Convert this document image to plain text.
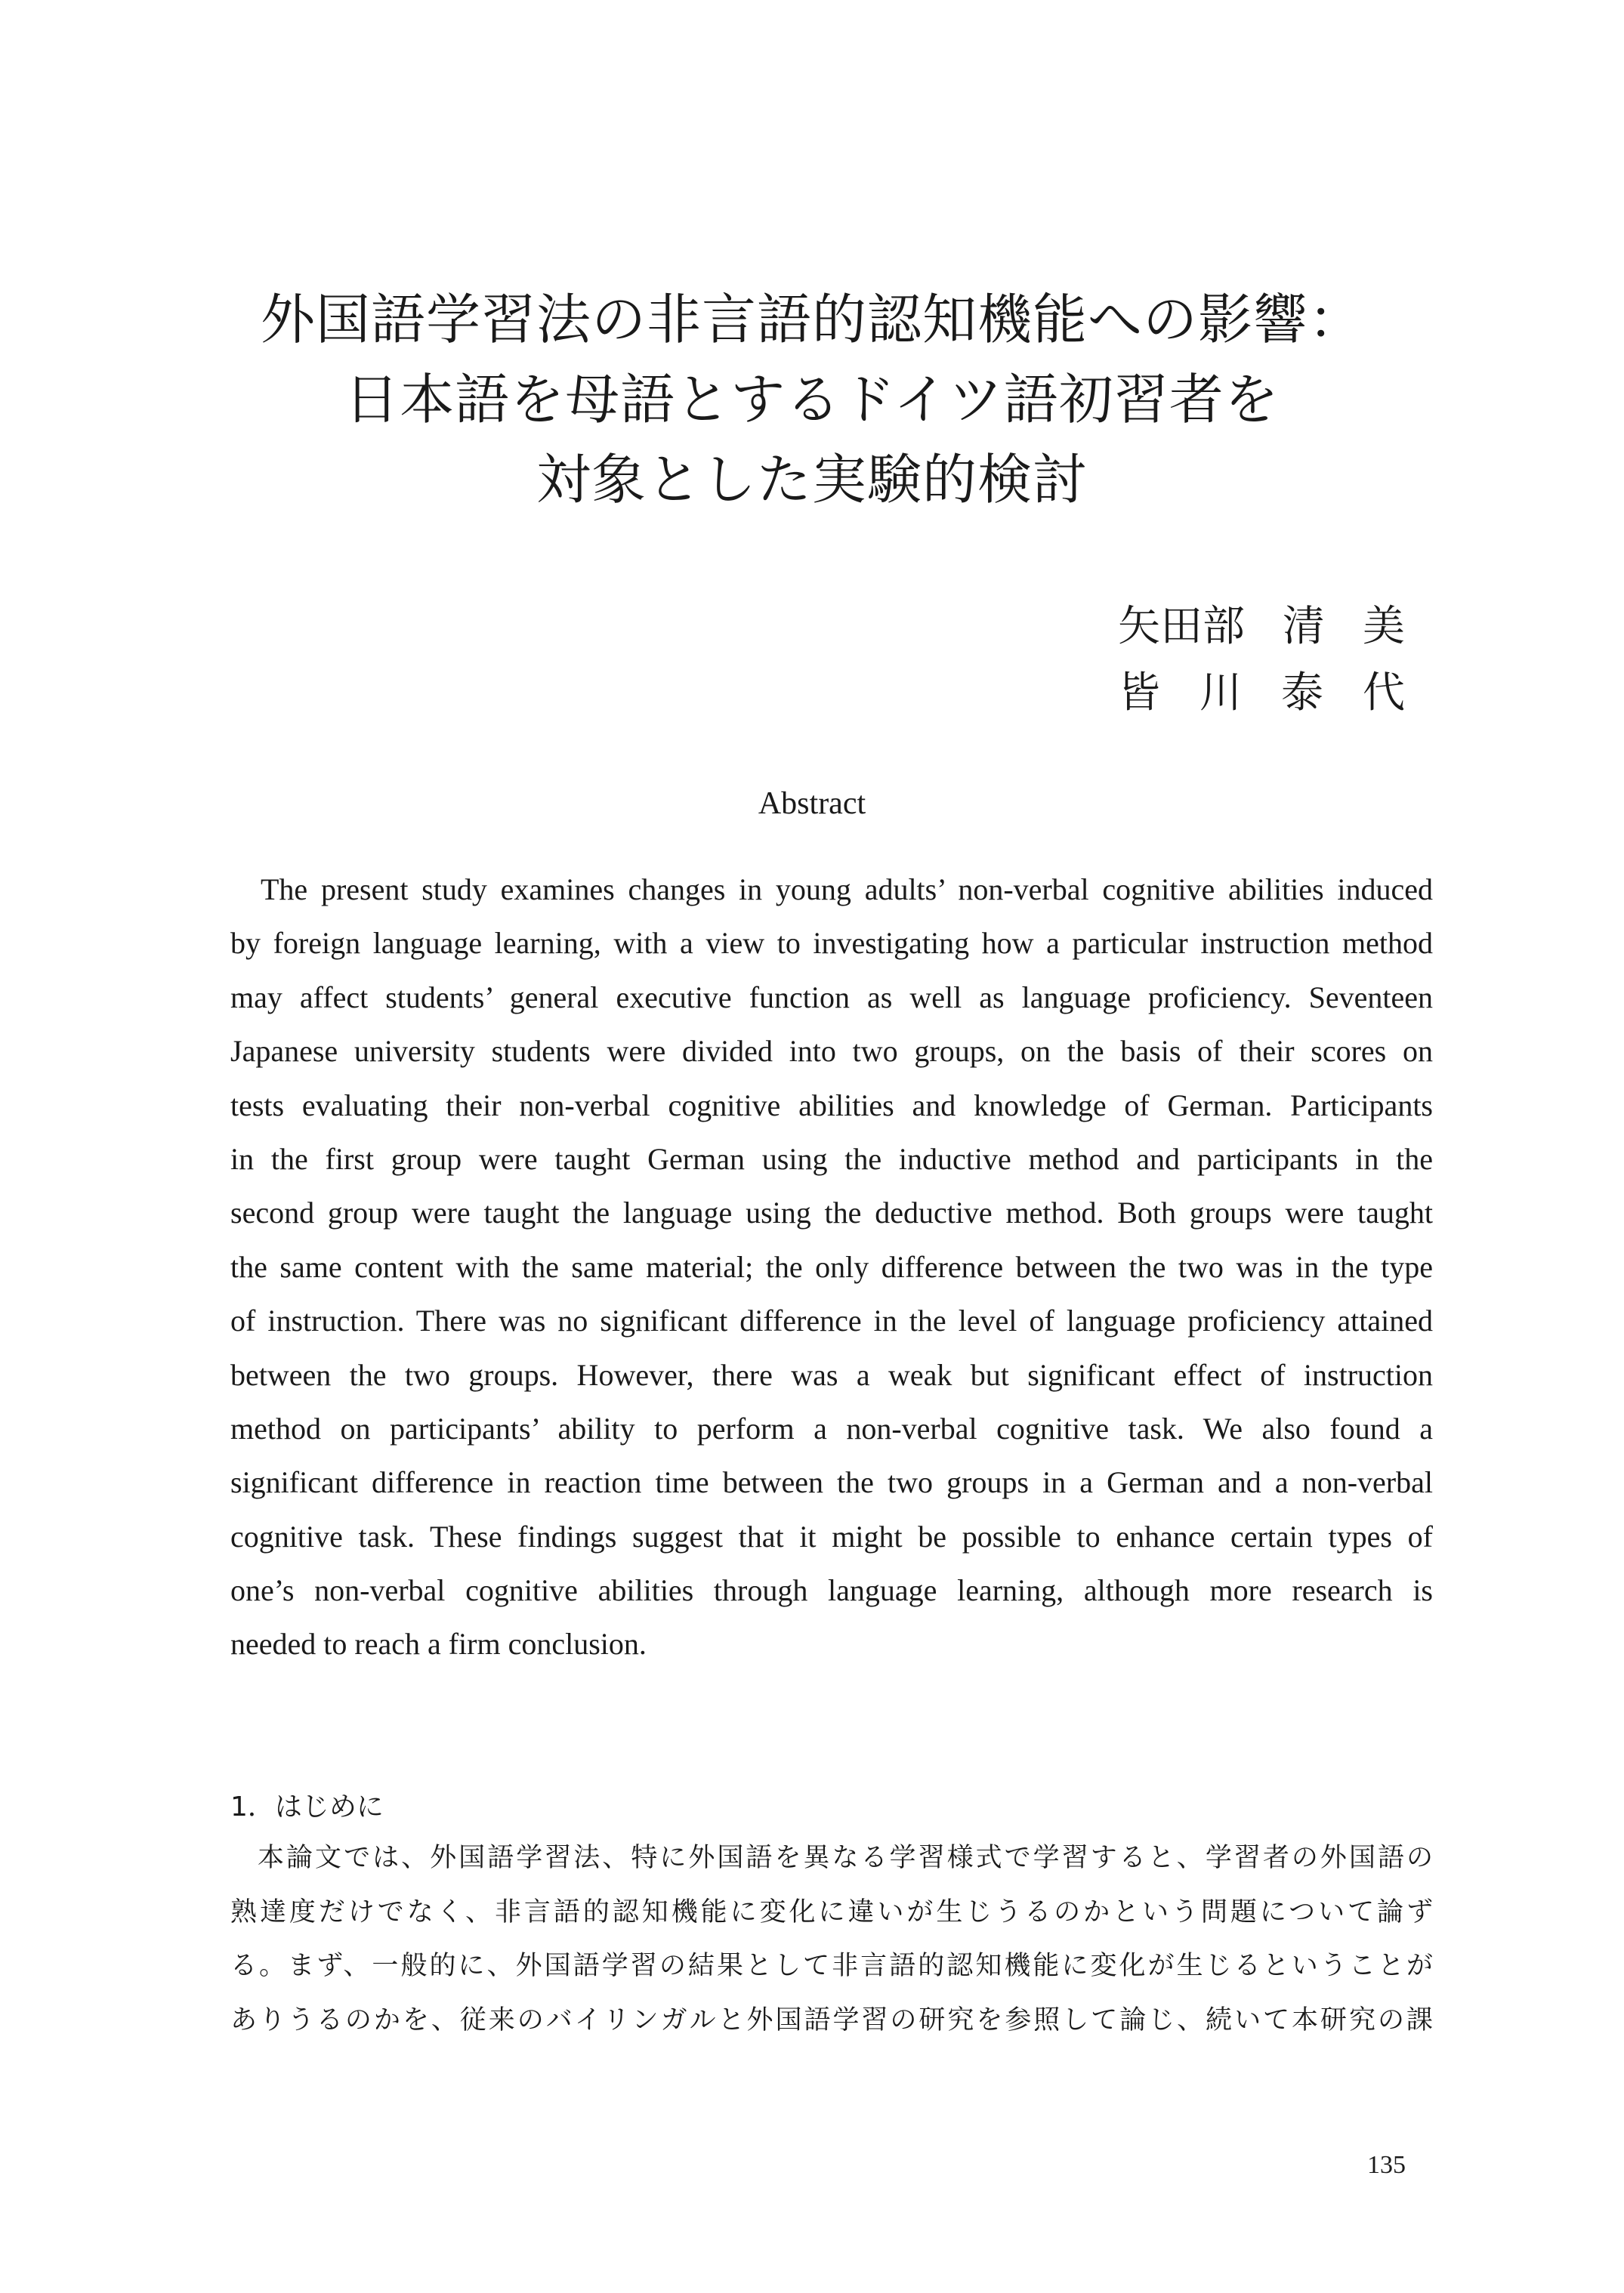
外国語学習法の非言語的認知機能への影響：
日本語を母語とするドイツ語初習者を
対象とした実験的検討
矢田部 清 美
皆 川 泰 代
Abstract
The present study examines changes in young adults’ non-verbal cognitive abilities induced
by foreign language learning, with a view to investigating how a particular instruction method
may affect students’ general executive function as well as language proficiency. Seventeen
Japanese university students were divided into two groups, on the basis of their scores on
tests evaluating their non-verbal cognitive abilities and knowledge of German. Participants
in the first group were taught German using the inductive method and participants in the
second group were taught the language using the deductive method. Both groups were taught
the same content with the same material; the only difference between the two was in the type
of instruction. There was no significant difference in the level of language proficiency attained
between the two groups. However, there was a weak but significant effect of instruction
method on participants’ ability to perform a non-verbal cognitive task. We also found a
significant difference in reaction time between the two groups in a German and a non-verbal
cognitive task. These findings suggest that it might be possible to enhance certain types of
one’s non-verbal cognitive abilities through language learning, although more research is
needed to reach a firm conclusion.
1．はじめに
本論文では、外国語学習法、特に外国語を異なる学習様式で学習すると、学習者の外国語の
熟達度だけでなく、非言語的認知機能に変化に違いが生じうるのかという問題について論ず
る。まず、一般的に、外国語学習の結果として非言語的認知機能に変化が生じるということが
ありうるのかを、従来のバイリンガルと外国語学習の研究を参照して論じ、続いて本研究の課
135
